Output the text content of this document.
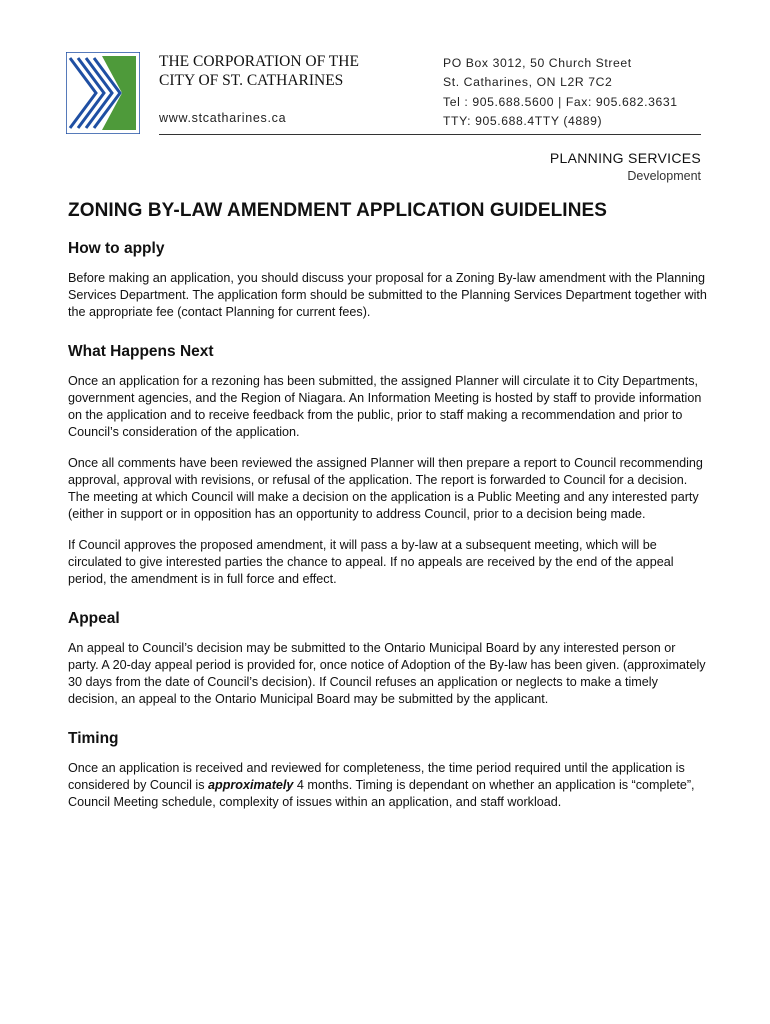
THE CORPORATION OF THE
CITY OF ST. CATHARINES
www.stcatharines.ca
PO Box 3012, 50 Church Street
St. Catharines, ON L2R 7C2
Tel : 905.688.5600 | Fax: 905.682.3631
TTY: 905.688.4TTY (4889)
PLANNING SERVICES
Development
ZONING BY-LAW AMENDMENT APPLICATION GUIDELINES
How to apply

Before making an application, you should discuss your proposal for a Zoning By-law amendment with the Planning Services Department. The application form should be submitted to the Planning Services Department together with the appropriate fee (contact Planning for current fees).

What Happens Next

Once an application for a rezoning has been submitted, the assigned Planner will circulate it to City Departments, government agencies, and the Region of Niagara. An Information Meeting is hosted by staff to provide information on the application and to receive feedback from the public, prior to staff making a recommendation and prior to Council’s consideration of the application.

Once all comments have been reviewed the assigned Planner will then prepare a report to Council recommending approval, approval with revisions, or refusal of the application. The report is forwarded to Council for a decision. The meeting at which Council will make a decision on the application is a Public Meeting and any interested party (either in support or in opposition has an opportunity to address Council, prior to a decision being made.

If Council approves the proposed amendment, it will pass a by-law at a subsequent meeting, which will be circulated to give interested parties the chance to appeal. If no appeals are received by the end of the appeal period, the amendment is in full force and effect.

Appeal

An appeal to Council’s decision may be submitted to the Ontario Municipal Board by any interested person or party. A 20-day appeal period is provided for, once notice of Adoption of the By-law has been given. (approximately 30 days from the date of Council’s decision). If Council refuses an application or neglects to make a timely decision, an appeal to the Ontario Municipal Board may be submitted by the applicant.

Timing

Once an application is received and reviewed for completeness, the time period required until the application is considered by Council is approximately 4 months. Timing is dependant on whether an application is “complete”, Council Meeting schedule, complexity of issues within an application, and staff workload.
